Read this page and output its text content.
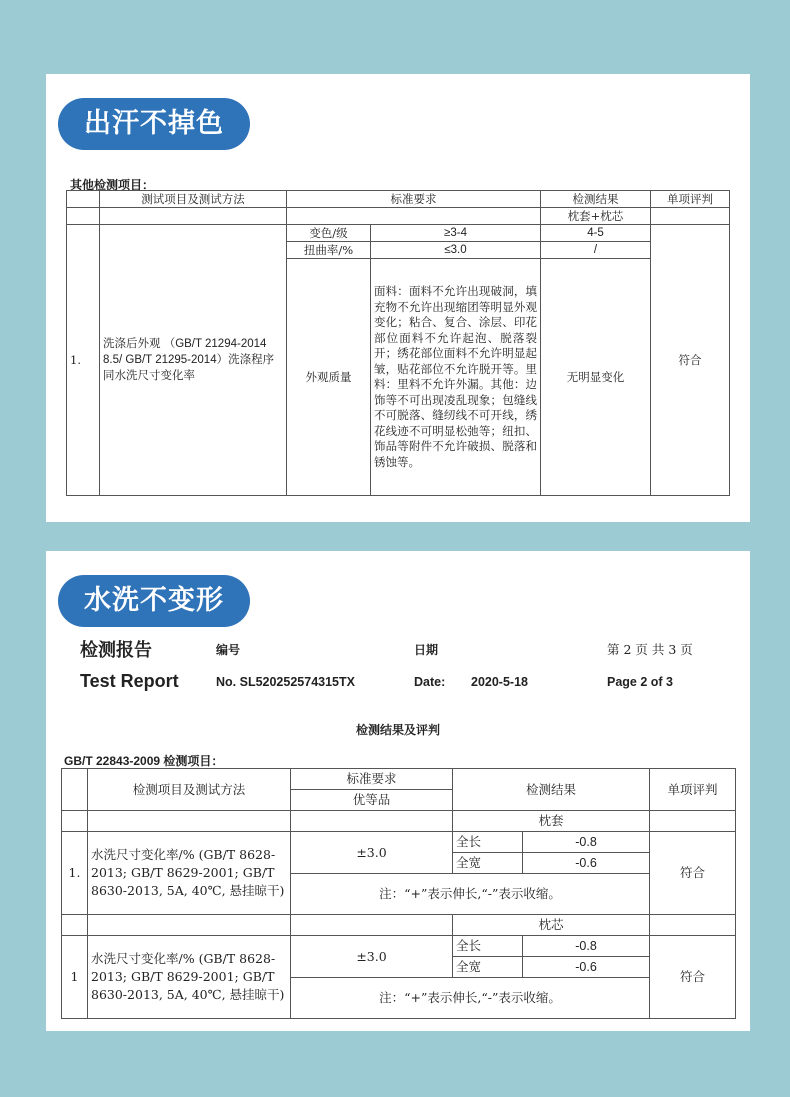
出汗不掉色
其他检测项目：
	测试项目及测试方法	标准要求		检测结果	单项评判
				枕套+枕芯	
1.	洗涤后外观 （GB/T 21294-2014 8.5/ GB/T 21295-2014）洗涤程序同水洗尺寸变化率	变色/级	≥3-4	4-5	符合
		扭曲率/%	≤3.0	/	
		外观质量	面料：面料不允许出现破洞，填充物不允许出现缩团等明显外观变化；粘合、复合、涂层、印花部位面料不允许起泡、脱落裂开；绣花部位面料不允许明显起皱，贴花部位不允许脱开等。里料：里料不允许外漏。其他：边饰等不可出现凌乱现象；包缝线不可脱落、缝纫线不可开线，绣花线迹不可明显松弛等；纽扣、饰品等附件不允许破损、脱落和锈蚀等。	无明显变化	
水洗不变形
检测报告	编号	日期	第 2 页 共 3 页
Test Report	No. SL520252574315TX	Date: 2020-5-18	Page 2 of 3
检测结果及评判
GB/T 22843-2009 检测项目：
	检测项目及测试方法	标准要求	检测结果		单项评判
		优等品			
			枕套		
1.	水洗尺寸变化率/% (GB/T 8628-2013; GB/T 8629-2001; GB/T 8630-2013, 5A, 40℃, 悬挂晾干)	±3.0	全长	-0.8	符合
			全宽	-0.6	
		注：“+”表示伸长,“-”表示收缩。			
			枕芯		
1	水洗尺寸变化率/% (GB/T 8628-2013; GB/T 8629-2001; GB/T 8630-2013, 5A, 40℃, 悬挂晾干)	±3.0	全长	-0.8	符合
			全宽	-0.6	
		注：“+”表示伸长,“-”表示收缩。			
